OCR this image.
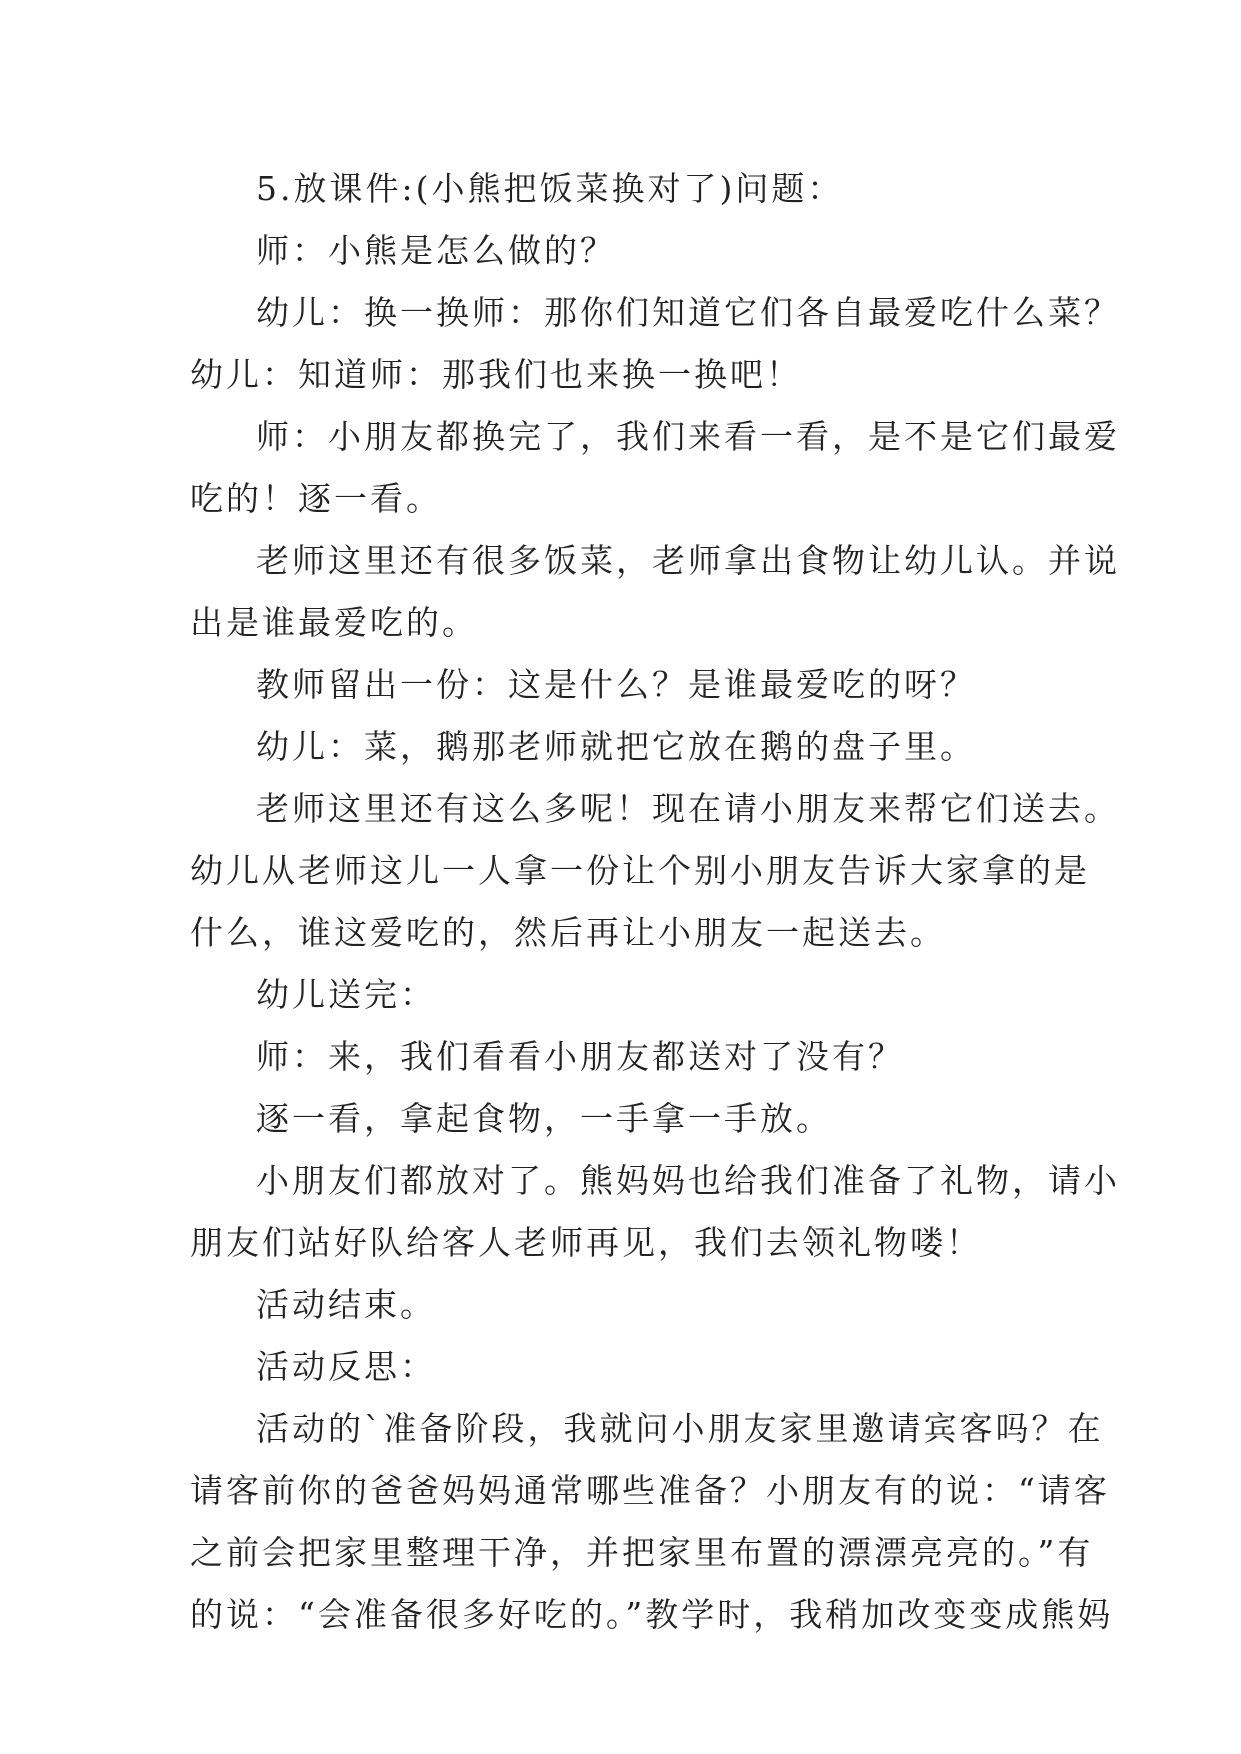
5.放课件:(小熊把饭菜换对了)问题：
师：小熊是怎么做的？
幼儿：换一换师：那你们知道它们各自最爱吃什么菜？
幼儿：知道师：那我们也来换一换吧！
师：小朋友都换完了，我们来看一看，是不是它们最爱
吃的！逐一看。
老师这里还有很多饭菜，老师拿出食物让幼儿认。并说
出是谁最爱吃的。
教师留出一份：这是什么？是谁最爱吃的呀？
幼儿：菜，鹅那老师就把它放在鹅的盘子里。
老师这里还有这么多呢！现在请小朋友来帮它们送去。
幼儿从老师这儿一人拿一份让个别小朋友告诉大家拿的是
什么，谁这爱吃的，然后再让小朋友一起送去。
幼儿送完：
师：来，我们看看小朋友都送对了没有？
逐一看，拿起食物，一手拿一手放。
小朋友们都放对了。熊妈妈也给我们准备了礼物，请小
朋友们站好队给客人老师再见，我们去领礼物喽！
活动结束。
活动反思：
活动的`准备阶段，我就问小朋友家里邀请宾客吗？在
请客前你的爸爸妈妈通常哪些准备？小朋友有的说：“请客
之前会把家里整理干净，并把家里布置的漂漂亮亮的。”有
的说：“会准备很多好吃的。”教学时，我稍加改变变成熊妈
